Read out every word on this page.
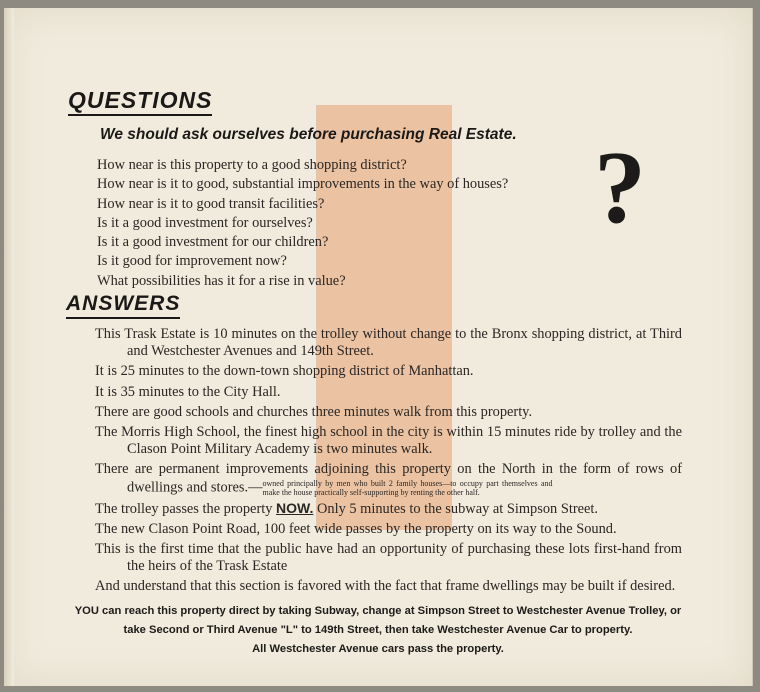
QUESTIONS
We should ask ourselves before purchasing Real Estate.
How near is this property to a good shopping district?
How near is it to good, substantial improvements in the way of houses?
How near is it to good transit facilities?
Is it a good investment for ourselves?
Is it a good investment for our children?
Is it good for improvement now?
What possibilities has it for a rise in value?
?
ANSWERS

This Trask Estate is 10 minutes on the trolley without change to the Bronx shopping district, at Third and Westchester Avenues and 149th Street.

It is 25 minutes to the down-town shopping district of Manhattan.

It is 35 minutes to the City Hall.

There are good schools and churches three minutes walk from this property.

The Morris High School, the finest high school in the city is within 15 minutes ride by trolley and the Clason Point Military Academy is two minutes walk.

There are permanent improvements adjoining this property on the North in the form of rows of dwellings and stores.—owned principally by men who built 2 family houses—to occupy part themselves and make the house practically self-supporting by renting the other half.

The trolley passes the property NOW. Only 5 minutes to the subway at Simpson Street.

The new Clason Point Road, 100 feet wide passes by the property on its way to the Sound.

This is the first time that the public have had an opportunity of purchasing these lots first-hand from the heirs of the Trask Estate

And understand that this section is favored with the fact that frame dwellings may be built if desired.

YOU can reach this property direct by taking Subway, change at Simpson Street to Westchester Avenue Trolley, or
take Second or Third Avenue "L" to 149th Street, then take Westchester Avenue Car to property.
All Westchester Avenue cars pass the property.
